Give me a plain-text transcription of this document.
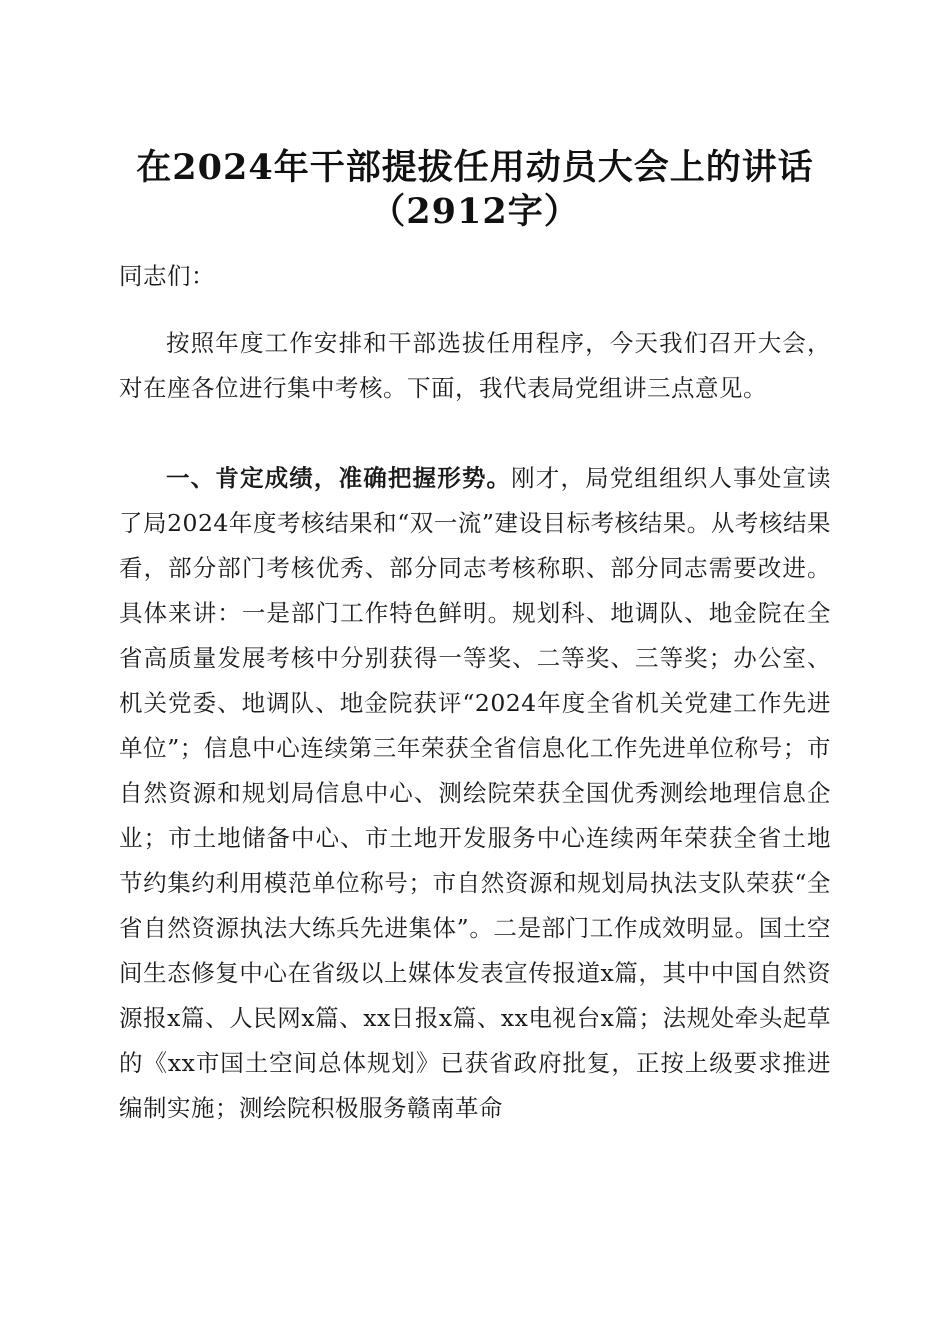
在2024年干部提拔任用动员大会上的讲话
（2912字）

同志们：

按照年度工作安排和干部选拔任用程序，今天我们召开大会，对在座各位进行集中考核。下面，我代表局党组讲三点意见。

一、肯定成绩，准确把握形势。刚才，局党组组织人事处宣读了局2024年度考核结果和“双一流”建设目标考核结果。从考核结果看，部分部门考核优秀、部分同志考核称职、部分同志需要改进。具体来讲：一是部门工作特色鲜明。规划科、地调队、地金院在全省高质量发展考核中分别获得一等奖、二等奖、三等奖；办公室、机关党委、地调队、地金院获评“2024年度全省机关党建工作先进单位”；信息中心连续第三年荣获全省信息化工作先进单位称号；市自然资源和规划局信息中心、测绘院荣获全国优秀测绘地理信息企业；市土地储备中心、市土地开发服务中心连续两年荣获全省土地节约集约利用模范单位称号；市自然资源和规划局执法支队荣获“全省自然资源执法大练兵先进集体”。二是部门工作成效明显。国土空间生态修复中心在省级以上媒体发表宣传报道x篇，其中中国自然资源报x篇、人民网x篇、xx日报x篇、xx电视台x篇；法规处牵头起草的《xx市国土空间总体规划》已获省政府批复，正按上级要求推进编制实施；测绘院积极服务赣南革命
